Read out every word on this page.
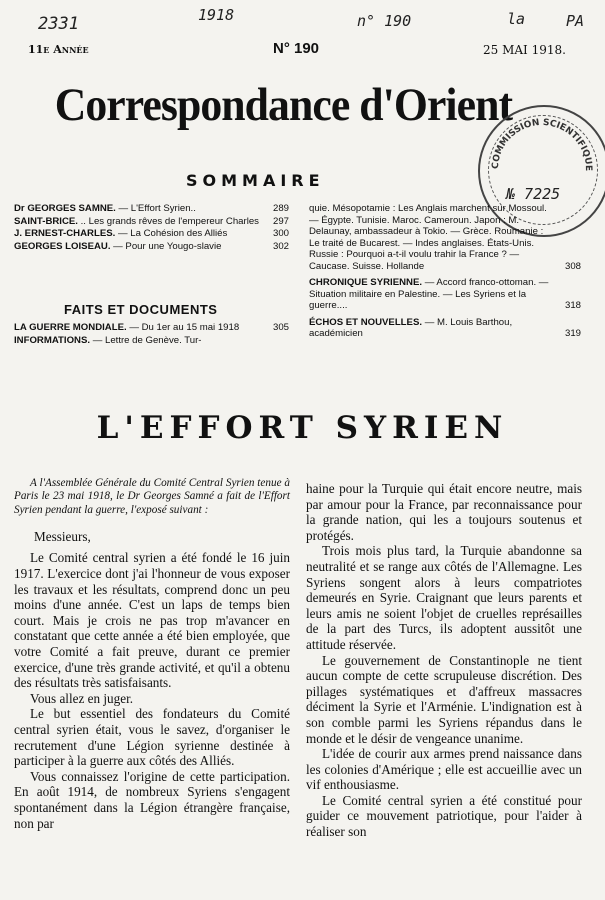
2331	1918	n° 190	la	PA
11e Année	N° 190	25 MAI 1918.
Correspondance d'Orient
COMMISSION SCIENTIFIQUE
№ 7225
SOMMAIRE
Dr GEORGES SAMNE. — L'Effort Syrien..	289
SAINT-BRICE. .. Les grands rêves de l'empereur Charles 297
J. ERNEST-CHARLES. — La Cohésion des Alliés	300
GEORGES LOISEAU. — Pour une Yougo-slavie	302
FAITS ET DOCUMENTS
LA GUERRE MONDIALE. — Du 1er au 15 mai 1918	305
INFORMATIONS. — Lettre de Genève. Tur-
quie. Mésopotamie : Les Anglais marchent sur Mossoul. — Égypte. Tunisie. Maroc. Cameroun. Japon : M. Delaunay, ambassadeur à Tokio. — Grèce. Roumanie : Le traité de Bucarest. — Indes anglaises. États-Unis. Russie : Pourquoi a-t-il voulu trahir la France ? — Caucase. Suisse. Hollande	308
CHRONIQUE SYRIENNE. — Accord franco-ottoman. — Situation militaire en Palestine. — Les Syriens et la guerre....	318
ÉCHOS ET NOUVELLES. — M. Louis Barthou, académicien	319
L'EFFORT SYRIEN

A l'Assemblée Générale du Comité Central Syrien tenue à Paris le 23 mai 1918, le Dr Georges Samné a fait de l'Effort Syrien pendant la guerre, l'exposé suivant :

Messieurs,

Le Comité central syrien a été fondé le 16 juin 1917. L'exercice dont j'ai l'honneur de vous exposer les travaux et les résultats, comprend donc un peu moins d'une année. C'est un laps de temps bien court. Mais je crois ne pas trop m'avancer en constatant que cette année a été bien employée, que votre Comité a fait preuve, durant ce premier exercice, d'une très grande activité, et qu'il a obtenu des résultats très satisfaisants.

Vous allez en juger.

Le but essentiel des fondateurs du Comité central syrien était, vous le savez, d'organiser le recrutement d'une Légion syrienne destinée à participer à la guerre aux côtés des Alliés.

Vous connaissez l'origine de cette participation. En août 1914, de nombreux Syriens s'engagent spontanément dans la Légion étrangère française, non par

haine pour la Turquie qui était encore neutre, mais par amour pour la France, par reconnaissance pour la grande nation, qui les a toujours soutenus et protégés.

Trois mois plus tard, la Turquie abandonne sa neutralité et se range aux côtés de l'Allemagne. Les Syriens songent alors à leurs compatriotes demeurés en Syrie. Craignant que leurs parents et leurs amis ne soient l'objet de cruelles représailles de la part des Turcs, ils adoptent aussitôt une attitude réservée.

Le gouvernement de Constantinople ne tient aucun compte de cette scrupuleuse discrétion. Des pillages systématiques et d'affreux massacres déciment la Syrie et l'Arménie. L'indignation est à son comble parmi les Syriens répandus dans le monde et le désir de vengeance unanime.

L'idée de courir aux armes prend naissance dans les colonies d'Amérique ; elle est accueillie avec un vif enthousiasme.

Le Comité central syrien a été constitué pour guider ce mouvement patriotique, pour l'aider à réaliser son
